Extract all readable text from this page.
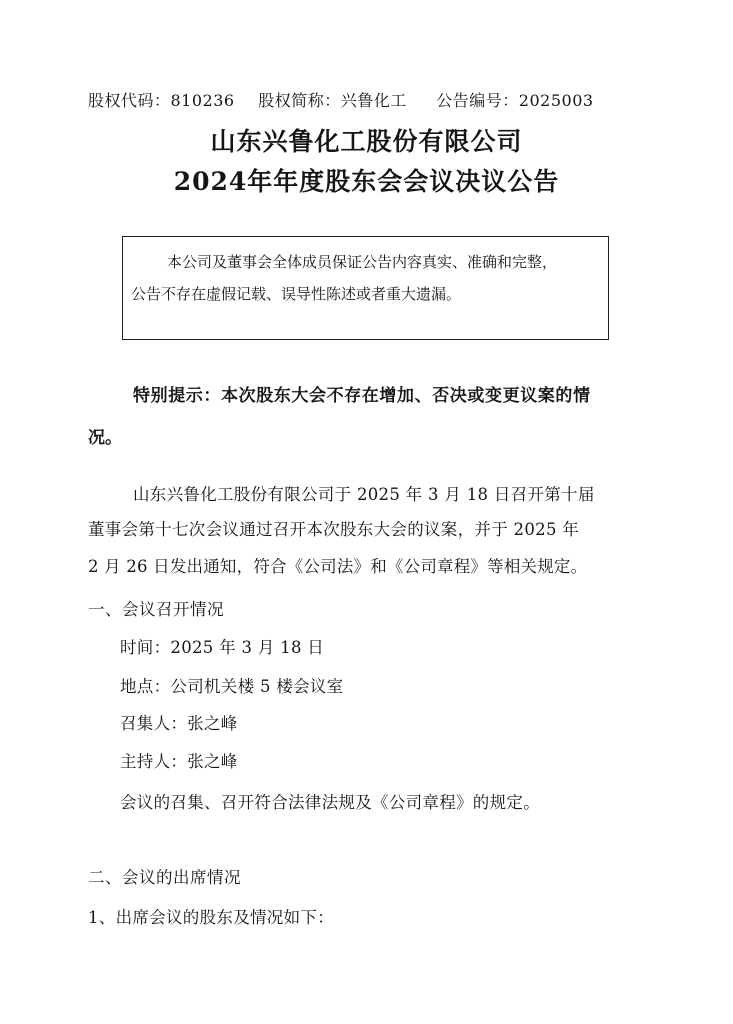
股权代码：810236 股权简称：兴鲁化工 公告编号：2025003
山东兴鲁化工股份有限公司
2024年年度股东会会议决议公告
本公司及董事会全体成员保证公告内容真实、准确和完整，
公告不存在虚假记载、误导性陈述或者重大遗漏。
特别提示：本次股东大会不存在增加、否决或变更议案的情
况。
山东兴鲁化工股份有限公司于 2025 年 3 月 18 日召开第十届
董事会第十七次会议通过召开本次股东大会的议案，并于 2025 年
2 月 26 日发出通知，符合《公司法》和《公司章程》等相关规定。
一、会议召开情况
时间：2025 年 3 月 18 日
地点：公司机关楼 5 楼会议室
召集人：张之峰
主持人：张之峰
会议的召集、召开符合法律法规及《公司章程》的规定。
二、会议的出席情况
1、出席会议的股东及情况如下：
